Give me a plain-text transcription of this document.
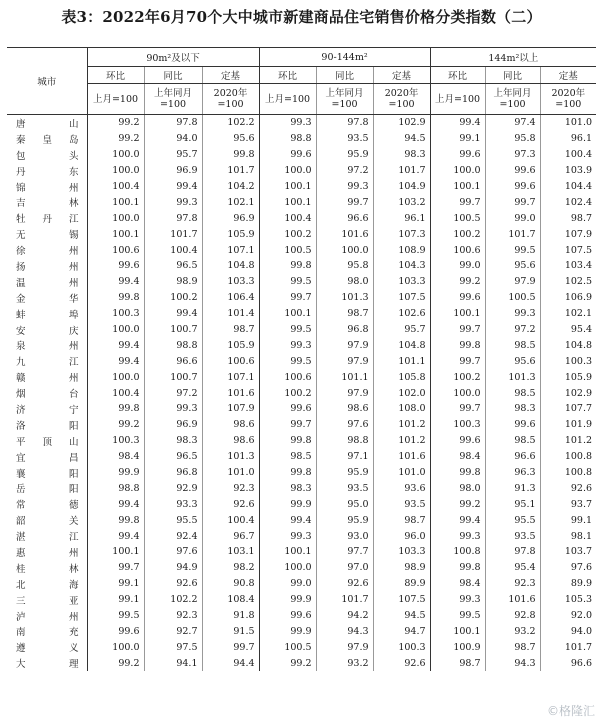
表3：2022年6月70个大中城市新建商品住宅销售价格分类指数（二）
城市	90m²及以下			90-144m²			144m²以上		
	环比	同比	定基	环比	同比	定基	环比	同比	定基
	上月=100	上年同月=100	2020年=100	上月=100	上年同月=100	2020年=100	上月=100	上年同月=100	2020年=100
唐山	99.2	97.8	102.2	99.3	97.8	102.9	99.4	97.4	101.0
秦皇岛	99.2	94.0	95.6	98.8	93.5	94.5	99.1	95.8	96.1
包头	100.0	95.7	99.8	99.6	95.9	98.3	99.6	97.3	100.4
丹东	100.0	96.9	101.7	100.0	97.2	101.7	100.0	99.6	103.9
锦州	100.4	99.4	104.2	100.1	99.3	104.9	100.1	99.6	104.4
吉林	100.1	99.3	102.1	100.1	99.7	103.2	99.7	99.7	102.4
牡丹江	100.0	97.8	96.9	100.4	96.6	96.1	100.5	99.0	98.7
无锡	100.1	101.7	105.9	100.2	101.6	107.3	100.2	101.7	107.9
徐州	100.6	100.4	107.1	100.5	100.0	108.9	100.6	99.5	107.5
扬州	99.6	96.5	104.8	99.8	95.8	104.3	99.0	95.6	103.4
温州	99.4	98.9	103.3	99.5	98.0	103.3	99.2	97.9	102.5
金华	99.8	100.2	106.4	99.7	101.3	107.5	99.6	100.5	106.9
蚌埠	100.3	99.4	101.4	100.1	98.7	102.6	100.1	99.3	102.1
安庆	100.0	100.7	98.7	99.5	96.8	95.7	99.7	97.2	95.4
泉州	99.4	98.8	105.9	99.3	97.9	104.8	99.8	98.5	104.8
九江	99.4	96.6	100.6	99.5	97.9	101.1	99.7	95.6	100.3
赣州	100.0	100.7	107.1	100.6	101.1	105.8	100.2	101.3	105.9
烟台	100.4	97.2	101.6	100.2	97.9	102.0	100.0	98.5	102.9
济宁	99.8	99.3	107.9	99.6	98.6	108.0	99.7	98.3	107.7
洛阳	99.2	96.9	98.6	99.7	97.6	101.2	100.3	99.6	101.9
平顶山	100.3	98.3	98.6	99.8	98.8	101.2	99.6	98.5	101.2
宜昌	98.4	96.5	101.3	98.5	97.1	101.6	98.4	96.6	100.8
襄阳	99.9	96.8	101.0	99.8	95.9	101.0	99.8	96.3	100.8
岳阳	98.8	92.9	92.3	98.3	93.5	93.6	98.0	91.3	92.6
常德	99.4	93.3	92.6	99.9	95.0	93.5	99.2	95.1	93.7
韶关	99.8	95.5	100.4	99.4	95.9	98.7	99.4	95.5	99.1
湛江	99.4	92.4	96.7	99.3	93.0	96.0	99.3	93.5	98.1
惠州	100.1	97.6	103.1	100.1	97.7	103.3	100.8	97.8	103.7
桂林	99.7	94.9	98.2	100.0	97.0	98.9	99.8	95.4	97.6
北海	99.1	92.6	90.8	99.0	92.6	89.9	98.4	92.3	89.9
三亚	99.1	102.2	108.4	99.9	101.7	107.5	99.3	101.6	105.3
泸州	99.5	92.3	91.8	99.6	94.2	94.5	99.5	92.8	92.0
南充	99.6	92.7	91.5	99.9	94.3	94.7	100.1	93.2	94.0
遵义	100.0	97.5	99.7	100.5	97.9	100.3	100.9	98.7	101.7
大理	99.2	94.1	94.4	99.2	93.2	92.6	98.7	94.3	96.6
©格隆汇
